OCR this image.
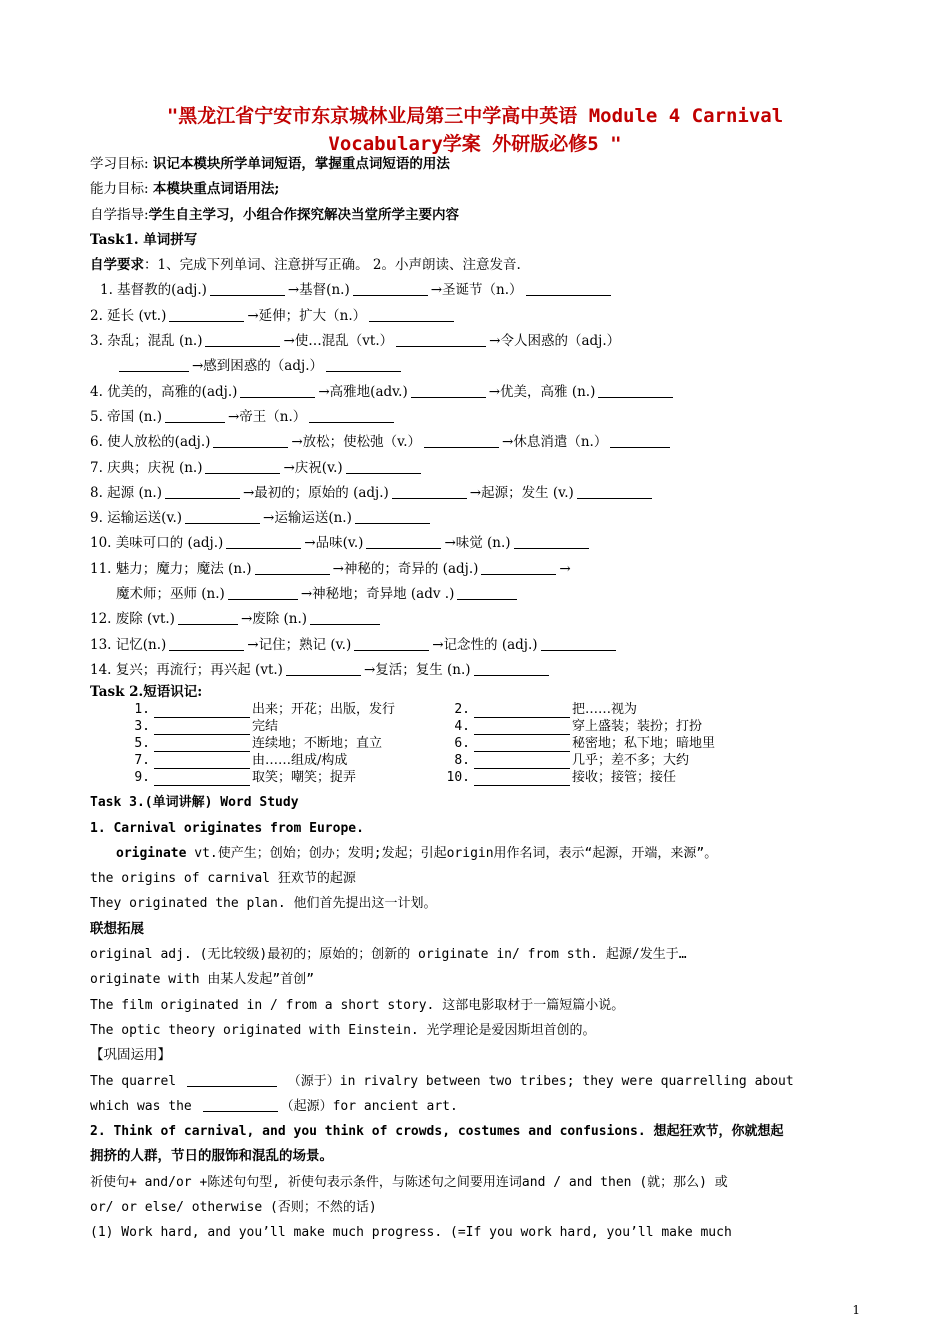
"黑龙江省宁安市东京城林业局第三中学高中英语 Module 4 Carnival
Vocabulary学案 外研版必修5 "
学习目标: 识记本模块所学单词短语，掌握重点词短语的用法
能力目标: 本模块重点词语用法;
自学指导:学生自主学习，小组合作探究解决当堂所学主要内容
Task1. 单词拼写
自学要求：1、完成下列单词、注意拼写正确。 2。小声朗读、注意发音.
1. 基督教的(adj.)	→基督(n.)	→圣诞节（n.）
2. 延长 (vt.)	→延伸；扩大（n.）
3. 杂乱；混乱 (n.)	→使…混乱（vt.）	→令人困惑的（adj.）
→感到困惑的（adj.）
4. 优美的，高雅的(adj.)	→高雅地(adv.)	→优美，高雅 (n.)
5. 帝国 (n.)	→帝王（n.）
6. 使人放松的(adj.)	→放松；使松弛（v.）	→休息消遣（n.）
7. 庆典；庆祝 (n.)	→庆祝(v.)
8. 起源 (n.)	→最初的；原始的 (adj.)	→起源；发生 (v.)
9. 运输运送(v.)	→运输运送(n.)
10. 美味可口的 (adj.)	→品味(v.)	→味觉 (n.)
11. 魅力；魔力；魔法 (n.)	→神秘的；奇异的 (adj.)	→
魔术师；巫师 (n.)	→神秘地；奇异地 (adv .)
12. 废除 (vt.)	→废除 (n.)
13. 记忆(n.)	→记住；熟记 (v.)	→记念性的 (adj.)
14. 复兴；再流行；再兴起 (vt.)	→复活；复生 (n.)
Task 2.短语识记:
1.	出来；开花；出版，发行	2.	把……视为
3.	完结	4.	穿上盛装；装扮；打扮
5.	连续地；不断地；直立	6.	秘密地；私下地；暗地里
7.	由……组成/构成	8.	几乎；差不多；大约
9.	取笑；嘲笑；捉弄	10.	接收；接管；接任
Task 3.(单词讲解) Word Study
1. Carnival originates from Europe.
originate vt.使产生；创始；创办；发明;发起；引起origin用作名词，表示“起源，开端，来源”。
the origins of carnival 狂欢节的起源
They originated the plan. 他们首先提出这一计划。
联想拓展
original adj. (无比较级)最初的；原始的；创新的 originate in/ from sth. 起源/发生于…
originate with 由某人发起”首创”
The film originated in / from a short story. 这部电影取材于一篇短篇小说。
The optic theory originated with Einstein. 光学理论是爱因斯坦首创的。
【巩固运用】
The quarrel	（源于）in rivalry between two tribes; they were quarrelling about
which was the	（起源）for ancient art.
2. Think of carnival, and you think of crowds, costumes and confusions. 想起狂欢节，你就想起
拥挤的人群，节日的服饰和混乱的场景。
祈使句+ and/or +陈述句句型, 祈使句表示条件，与陈述句之间要用连词and / and then (就；那么) 或
or/ or else/ otherwise (否则；不然的话)
(1) Work hard, and you’ll make much progress. (=If you work hard, you’ll make much
1
